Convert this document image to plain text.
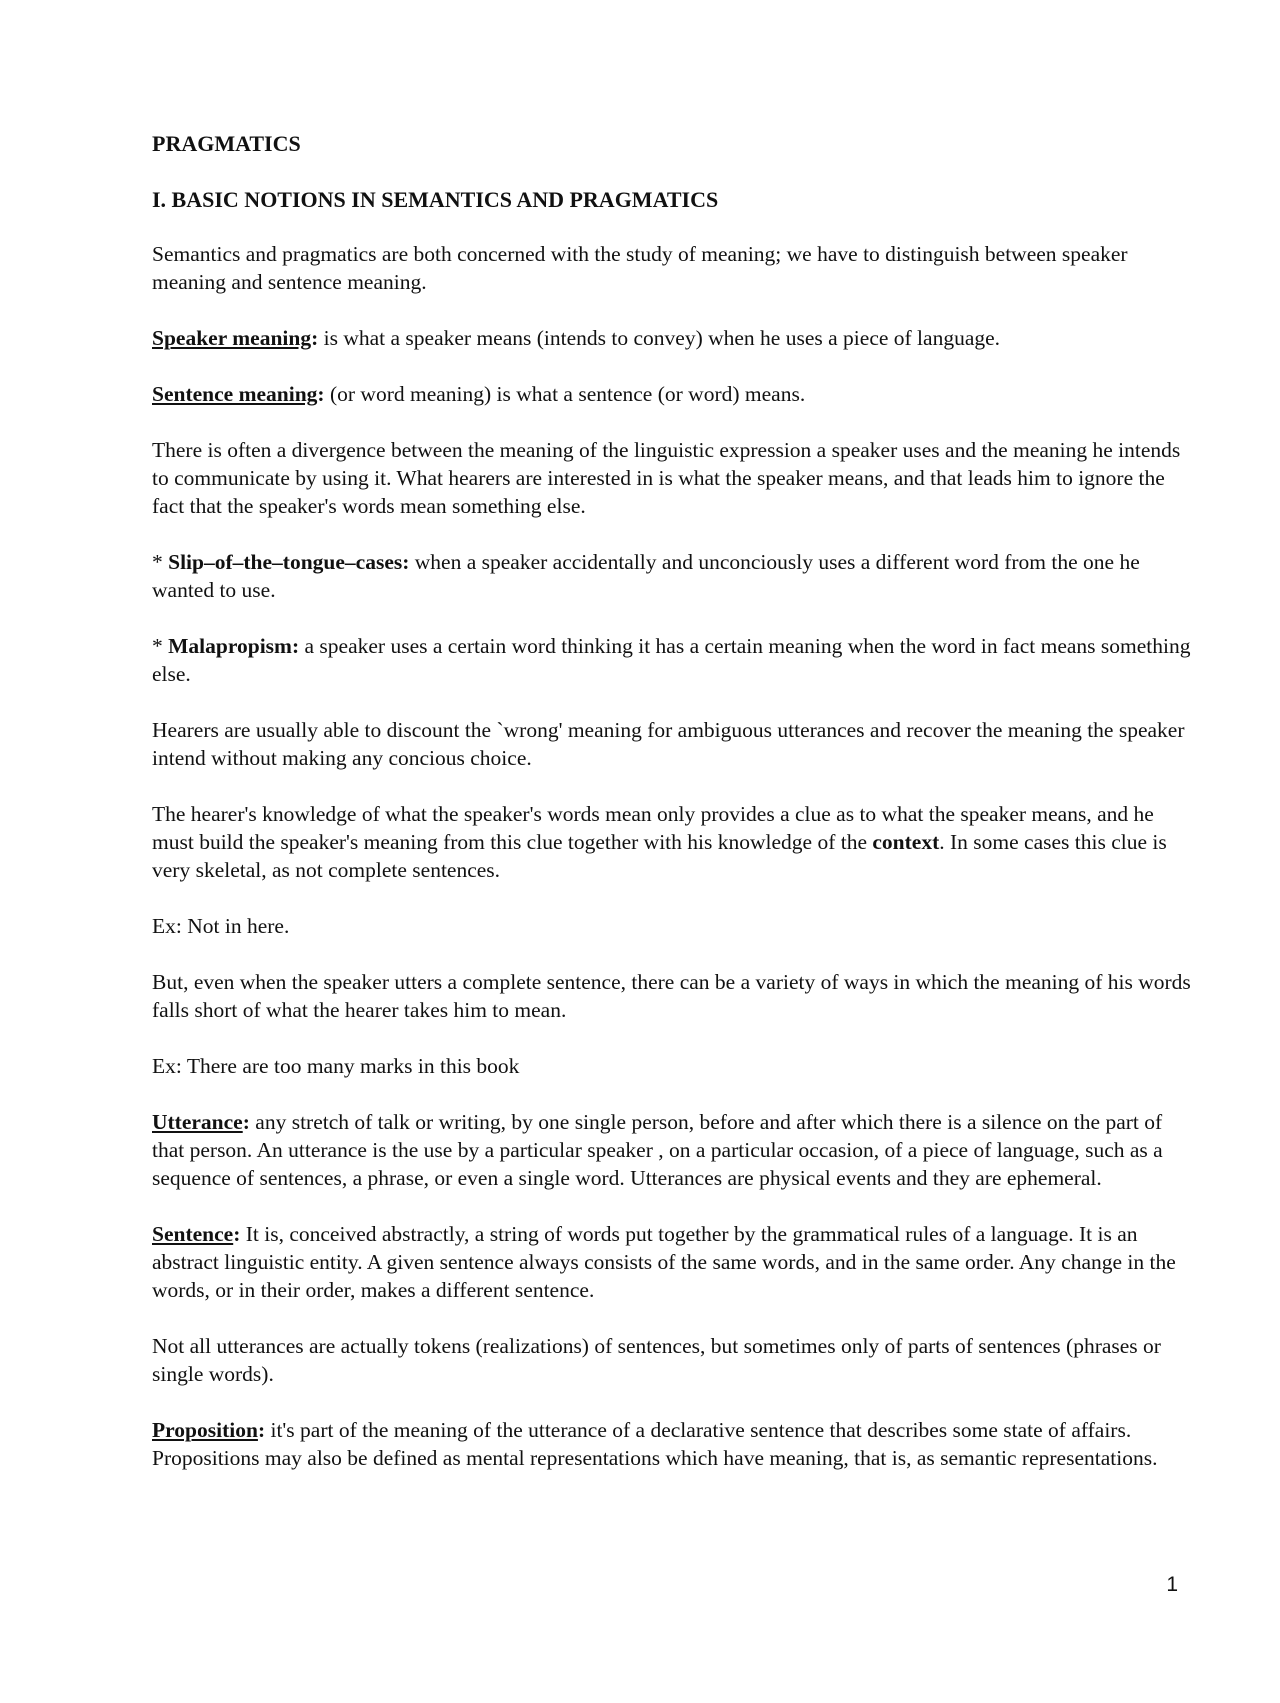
PRAGMATICS
I. BASIC NOTIONS IN SEMANTICS AND PRAGMATICS

Semantics and pragmatics are both concerned with the study of meaning; we have to distinguish between speaker meaning and sentence meaning.

Speaker meaning: is what a speaker means (intends to convey) when he uses a piece of language.

Sentence meaning: (or word meaning) is what a sentence (or word) means.

There is often a divergence between the meaning of the linguistic expression a speaker uses and the meaning he intends to communicate by using it. What hearers are interested in is what the speaker means, and that leads him to ignore the fact that the speaker's words mean something else.

* Slip–of–the–tongue–cases: when a speaker accidentally and unconciously uses a different word from the one he wanted to use.

* Malapropism: a speaker uses a certain word thinking it has a certain meaning when the word in fact means something else.

Hearers are usually able to discount the `wrong' meaning for ambiguous utterances and recover the meaning the speaker intend without making any concious choice.

The hearer's knowledge of what the speaker's words mean only provides a clue as to what the speaker means, and he must build the speaker's meaning from this clue together with his knowledge of the context. In some cases this clue is very skeletal, as not complete sentences.

Ex: Not in here.

But, even when the speaker utters a complete sentence, there can be a variety of ways in which the meaning of his words falls short of what the hearer takes him to mean.

Ex: There are too many marks in this book

Utterance: any stretch of talk or writing, by one single person, before and after which there is a silence on the part of that person. An utterance is the use by a particular speaker , on a particular occasion, of a piece of language, such as a sequence of sentences, a phrase, or even a single word. Utterances are physical events and they are ephemeral.

Sentence: It is, conceived abstractly, a string of words put together by the grammatical rules of a language. It is an abstract linguistic entity. A given sentence always consists of the same words, and in the same order. Any change in the words, or in their order, makes a different sentence.

Not all utterances are actually tokens (realizations) of sentences, but sometimes only of parts of sentences (phrases or single words).

Proposition: it's part of the meaning of the utterance of a declarative sentence that describes some state of affairs. Propositions may also be defined as mental representations which have meaning, that is, as semantic representations.

1
